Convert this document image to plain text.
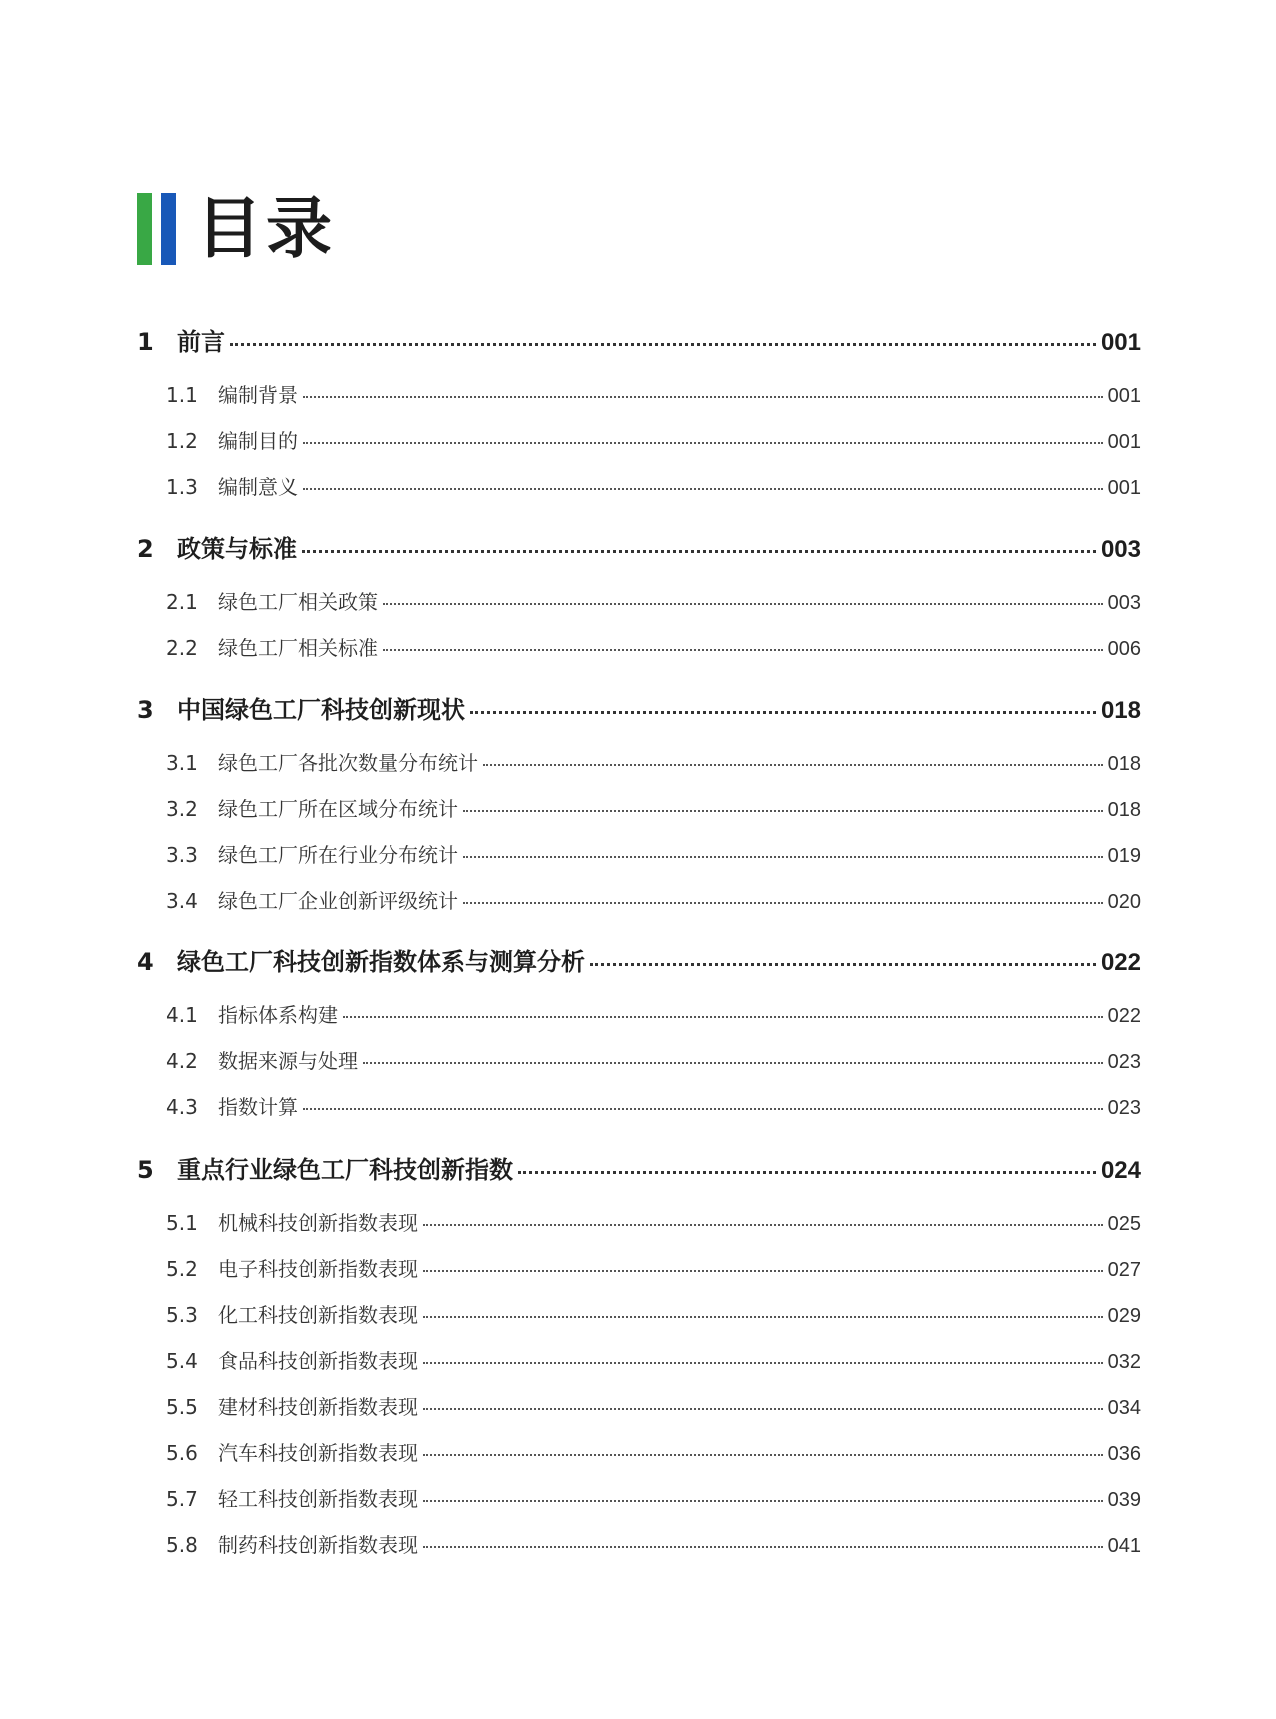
目录
1 前言	001
1.1	编制背景	001
1.2	编制目的	001
1.3	编制意义	001
2 政策与标准	003
2.1	绿色工厂相关政策	003
2.2	绿色工厂相关标准	006
3 中国绿色工厂科技创新现状	018
3.1	绿色工厂各批次数量分布统计	018
3.2	绿色工厂所在区域分布统计	018
3.3	绿色工厂所在行业分布统计	019
3.4	绿色工厂企业创新评级统计	020
4 绿色工厂科技创新指数体系与测算分析	022
4.1	指标体系构建	022
4.2	数据来源与处理	023
4.3	指数计算	023
5 重点行业绿色工厂科技创新指数	024
5.1	机械科技创新指数表现	025
5.2	电子科技创新指数表现	027
5.3	化工科技创新指数表现	029
5.4	食品科技创新指数表现	032
5.5	建材科技创新指数表现	034
5.6	汽车科技创新指数表现	036
5.7	轻工科技创新指数表现	039
5.8	制药科技创新指数表现	041
